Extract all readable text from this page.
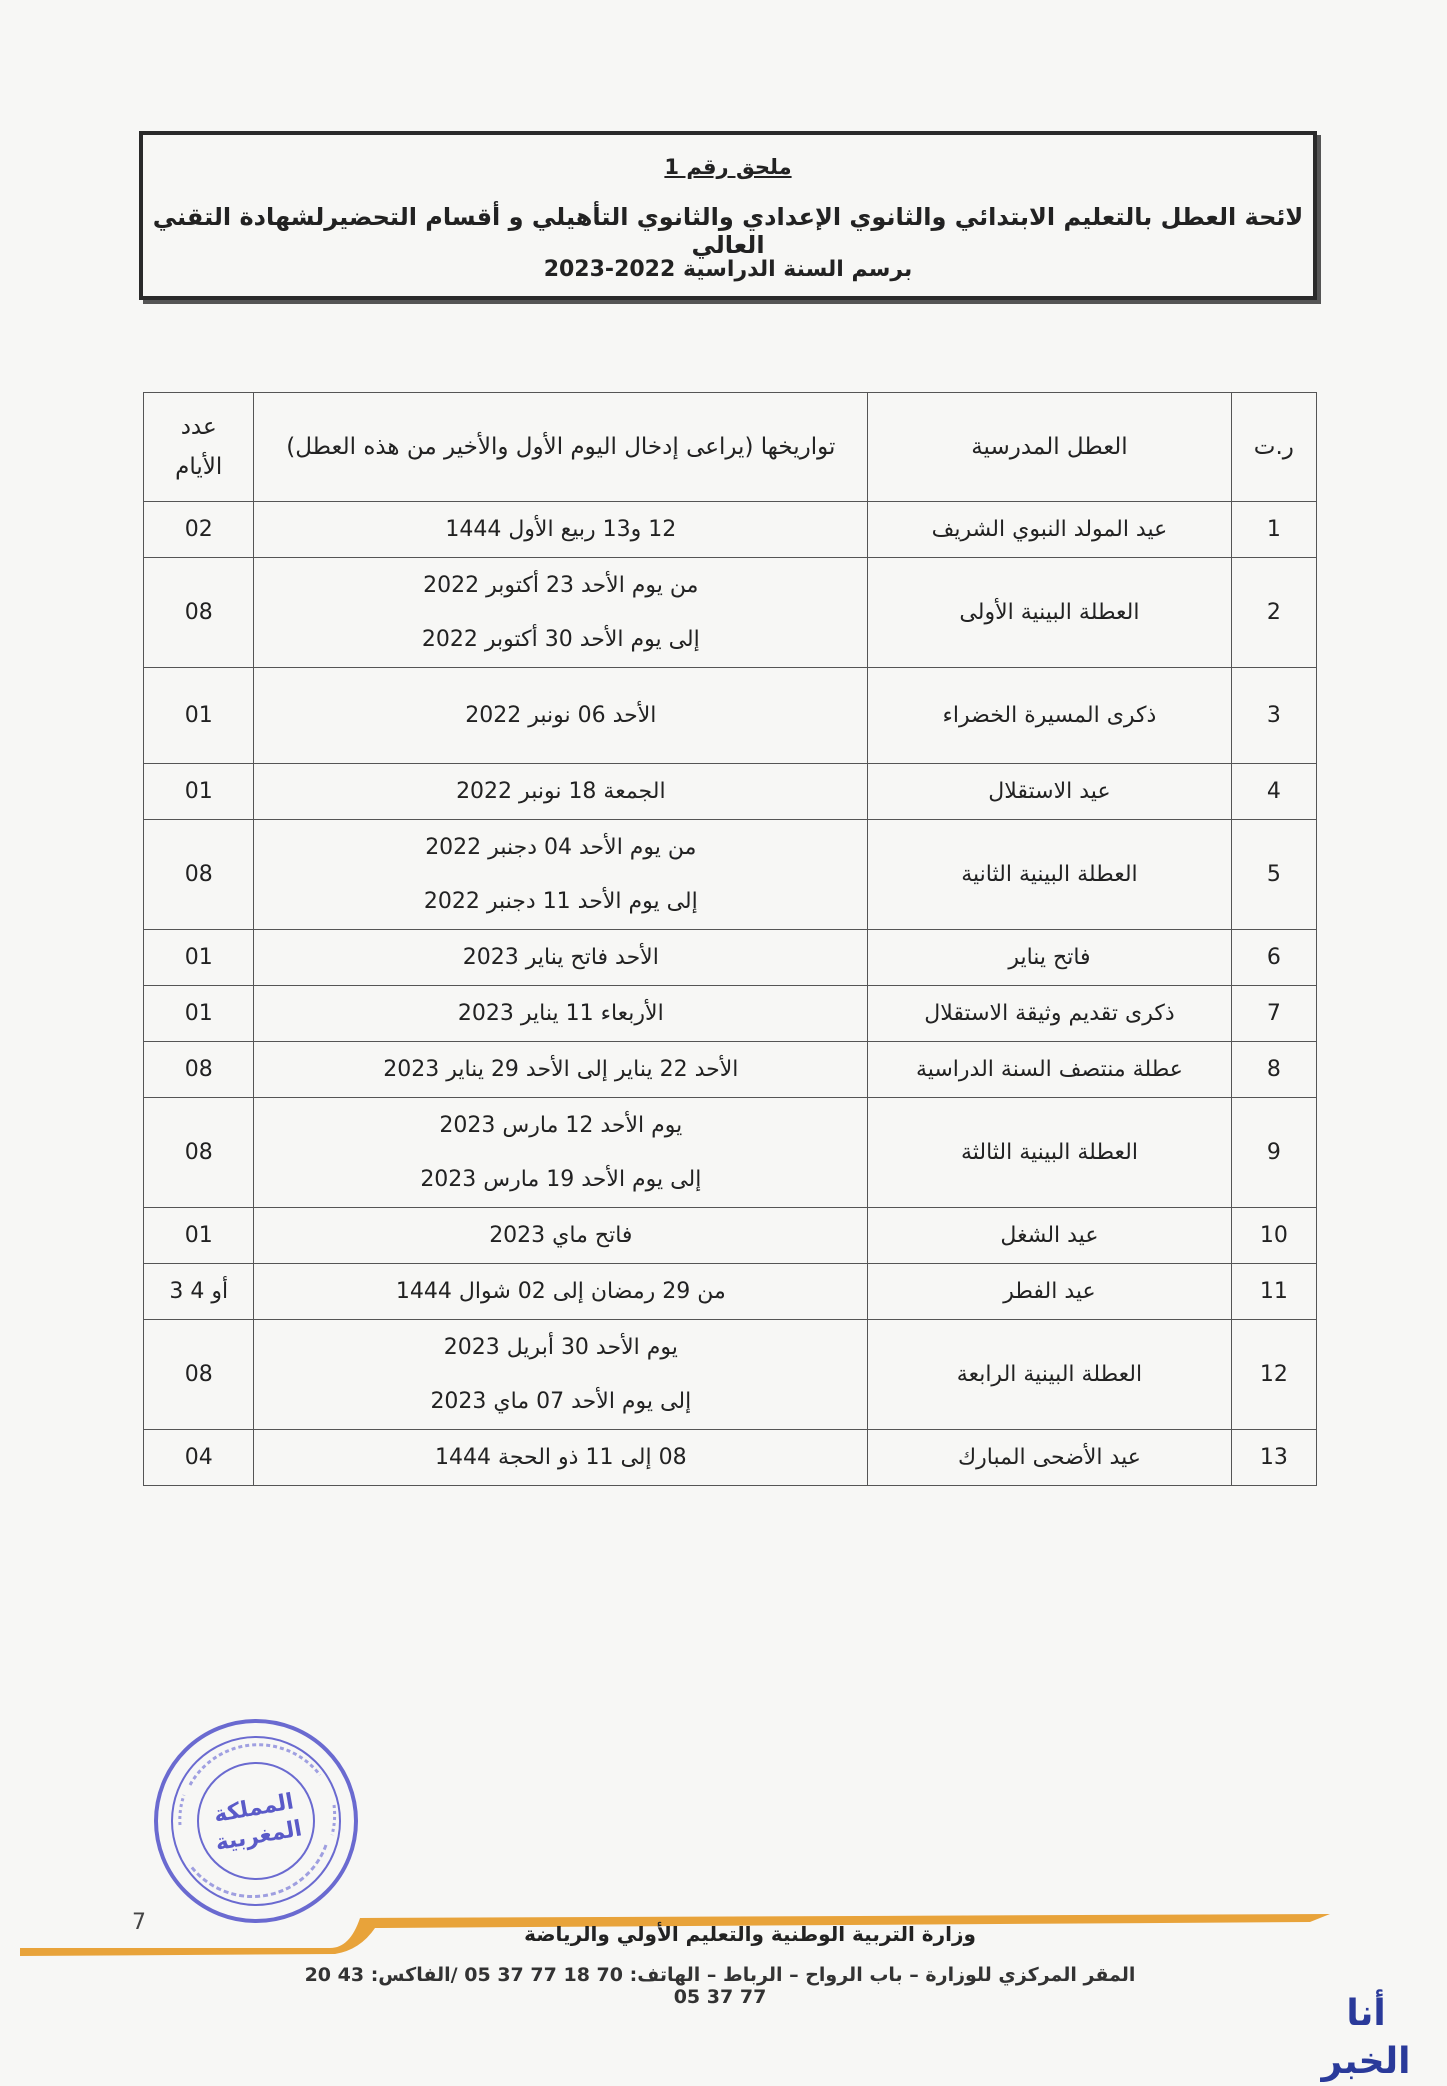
ملحق رقم 1
لائحة العطل بالتعليم الابتدائي والثانوي الإعدادي والثانوي التأهيلي و أقسام التحضيرلشهادة التقني العالي
برسم السنة الدراسية 2022-2023
ر.ت	العطل المدرسية	تواريخها (يراعى إدخال اليوم الأول والأخير من هذه العطل)	عدد
الأيام

1	عيد المولد النبوي الشريف	12 و13 ربيع الأول 1444	02
2	العطلة البينية الأولى	من يوم الأحد 23 أكتوبر 2022
إلى يوم الأحد 30 أكتوبر 2022	08
3	ذكرى المسيرة الخضراء	الأحد 06 نونبر 2022	01
4	عيد الاستقلال	الجمعة 18 نونبر 2022	01
5	العطلة البينية الثانية	من يوم الأحد 04 دجنبر 2022
إلى يوم الأحد 11 دجنبر 2022	08
6	فاتح يناير	الأحد فاتح يناير 2023	01
7	ذكرى تقديم وثيقة الاستقلال	الأربعاء 11 يناير 2023	01
8	عطلة منتصف السنة الدراسية	الأحد 22 يناير إلى الأحد 29 يناير 2023	08
9	العطلة البينية الثالثة	يوم الأحد 12 مارس 2023
إلى يوم الأحد 19 مارس 2023	08
10	عيد الشغل	فاتح ماي 2023	01
11	عيد الفطر	من 29 رمضان إلى 02 شوال 1444	3 أو 4
12	العطلة البينية الرابعة	يوم الأحد 30 أبريل 2023
إلى يوم الأحد 07 ماي 2023	08
13	عيد الأضحى المبارك	08 إلى 11 ذو الحجة 1444	04
المملكة
المغربية
7	وزارة التربية الوطنية والتعليم الأولي والرياضة
المقر المركزي للوزارة – باب الرواح – الرباط – الهاتف: 70 18 77 37 05 /الفاكس: 43 20 77 37 05	أنا الخبر
